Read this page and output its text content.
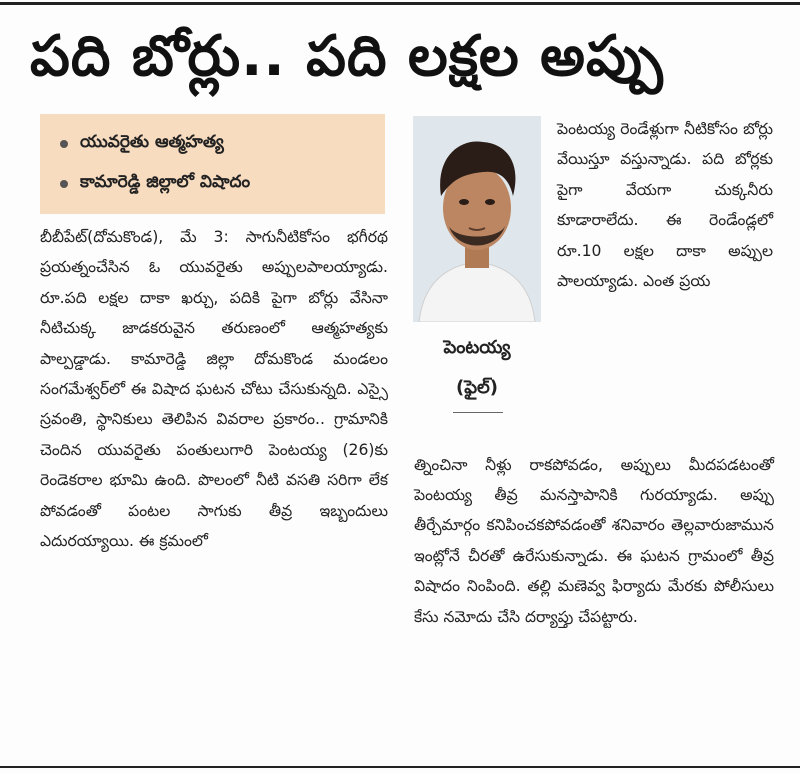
పది బోర్లు.. పది లక్షల అప్పు
యువరైతు ఆత్మహత్య
కామారెడ్డి జిల్లాలో విషాదం

బీబీపేట్(దోమకొండ), మే 3: సాగునీటికోసం భగీరథ ప్రయత్నంచేసిన ఓ యువరైతు అప్పులపాలయ్యాడు. రూ.పది లక్షల దాకా ఖర్చు, పదికి పైగా బోర్లు వేసినా నీటిచుక్క జాడకరువైన తరుణంలో ఆత్మహత్యకు పాల్పడ్డాడు. కామారెడ్డి జిల్లా దోమకొండ మండలం సంగమేశ్వర్‌లో ఈ విషాద ఘటన చోటు చేసుకున్నది. ఎస్సై స్రవంతి, స్థానికులు తెలిపిన వివరాల ప్రకారం.. గ్రామానికి చెందిన యువరైతు పంతులుగారి పెంటయ్య (26)కు రెండెకరాల భూమి ఉంది. పొలంలో నీటి వసతి సరిగా లేక పోవడంతో పంటల సాగుకు తీవ్ర ఇబ్బందులు ఎదురయ్యాయి. ఈ క్రమంలో

పెంటయ్య
(ఫైల్)

పెంటయ్య రెండేళ్లుగా నీటికోసం బోర్లు వేయిస్తూ వస్తున్నాడు. పది బోర్లకు పైగా వేయగా చుక్కనీరు కూడారాలేదు. ఈ రెండేండ్లలో రూ.10 లక్షల దాకా అప్పుల పాలయ్యాడు. ఎంత ప్రయ

త్నించినా నీళ్లు రాకపోవడం, అప్పులు మీదపడటంతో పెంటయ్య తీవ్ర మనస్తాపానికి గురయ్యాడు. అప్పు తీర్చేమార్గం కనిపించకపోవడంతో శనివారం తెల్లవారుజామున ఇంట్లోనే చీరతో ఉరేసుకున్నాడు. ఈ ఘటన గ్రామంలో తీవ్ర విషాదం నింపింది. తల్లి మణెవ్వ ఫిర్యాదు మేరకు పోలీసులు కేసు నమోదు చేసి దర్యాప్తు చేపట్టారు.
